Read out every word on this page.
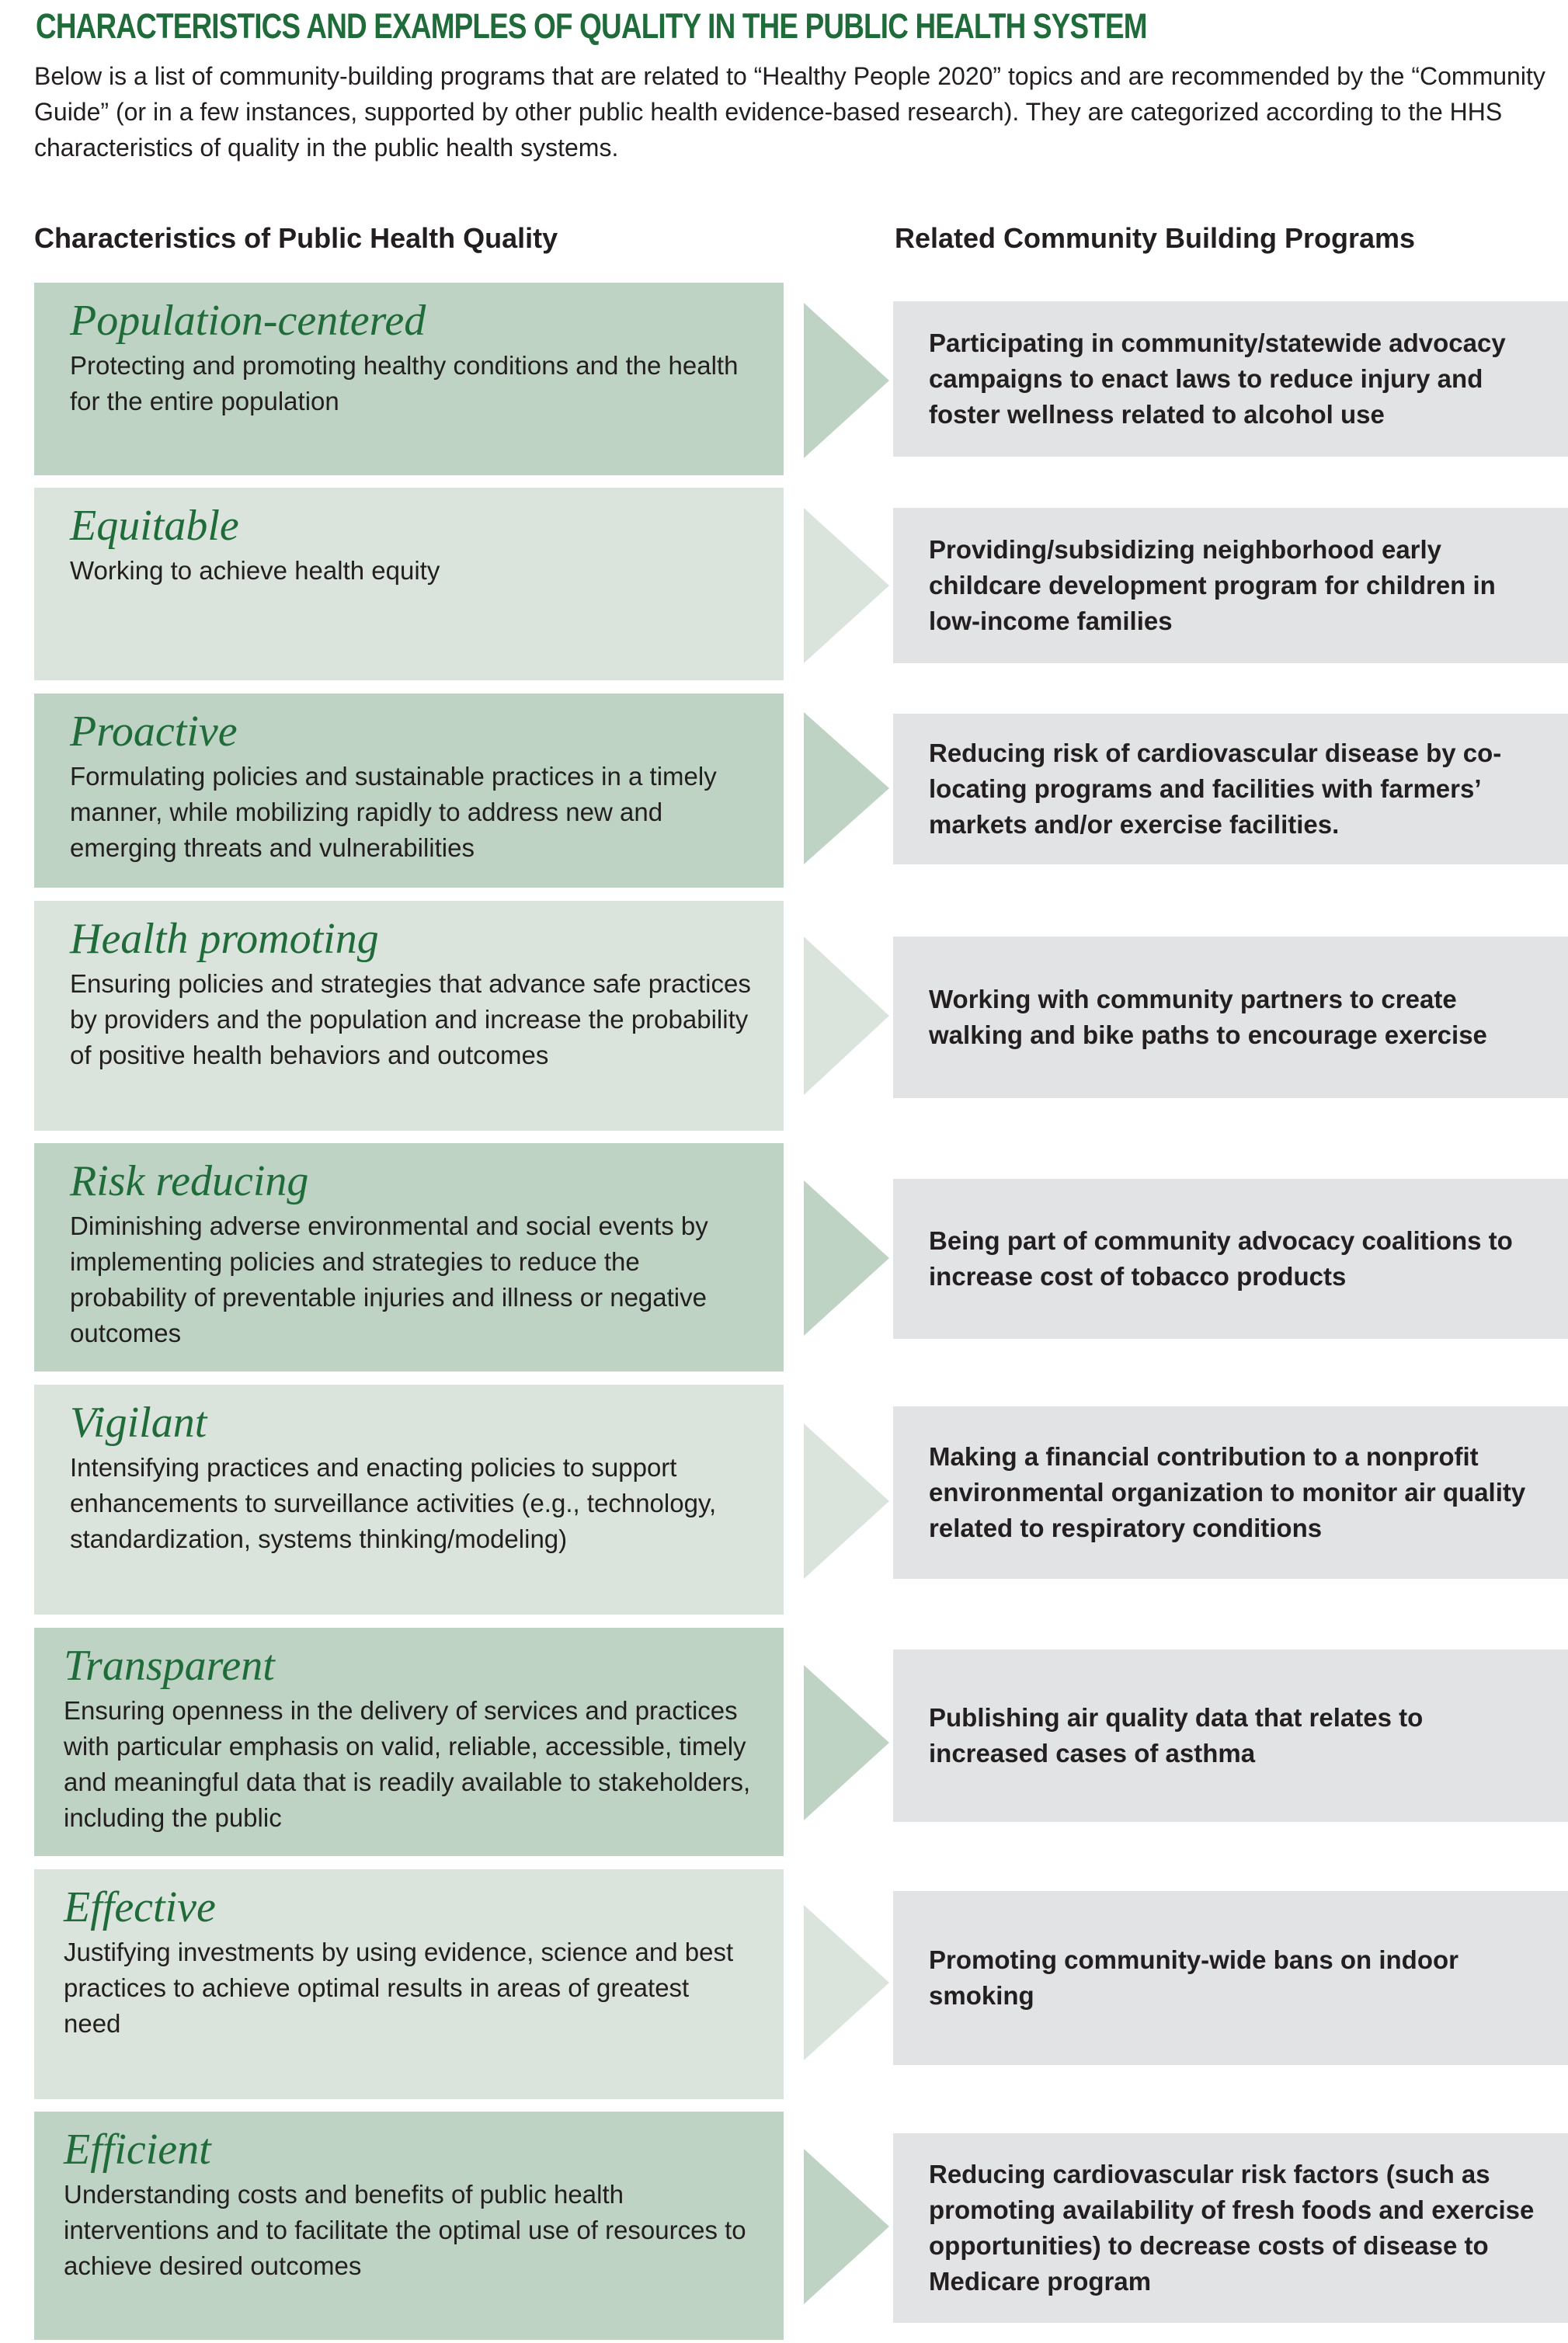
CHARACTERISTICS AND EXAMPLES OF QUALITY IN THE PUBLIC HEALTH SYSTEM
Below is a list of community-building programs that are related to “Healthy People 2020” topics and are recommended by the “Community Guide” (or in a few instances, supported by other public health evidence-based research). They are categorized according to the HHS characteristics of quality in the public health systems.
Characteristics of Public Health Quality	Related Community Building Programs
Population-centered
Protecting and promoting healthy conditions and the health for the entire population
Participating in community/statewide advocacy campaigns to enact laws to reduce injury and foster wellness related to alcohol use
Equitable
Working to achieve health equity
Providing/subsidizing neighborhood early childcare development program for children in low-income families
Proactive
Formulating policies and sustainable practices in a timely manner, while mobilizing rapidly to address new and emerging threats and vulnerabilities
Reducing risk of cardiovascular disease by co-locating programs and facilities with farmers’ markets and/or exercise facilities.
Health promoting
Ensuring policies and strategies that advance safe practices by providers and the population and increase the probability of positive health behaviors and outcomes
Working with community partners to create walking and bike paths to encourage exercise
Risk reducing
Diminishing adverse environmental and social events by implementing policies and strategies to reduce the probability of preventable injuries and illness or negative outcomes
Being part of community advocacy coalitions to increase cost of tobacco products
Vigilant
Intensifying practices and enacting policies to support enhancements to surveillance activities (e.g., technology, standardization, systems thinking/modeling)
Making a financial contribution to a nonprofit environmental organization to monitor air quality related to respiratory conditions
Transparent
Ensuring openness in the delivery of services and practices with particular emphasis on valid, reliable, accessible, timely and meaningful data that is readily available to stakeholders, including the public
Publishing air quality data that relates to increased cases of asthma
Effective
Justifying investments by using evidence, science and best practices to achieve optimal results in areas of greatest need
Promoting community-wide bans on indoor smoking
Efficient
Understanding costs and benefits of public health interventions and to facilitate the optimal use of resources to achieve desired outcomes
Reducing cardiovascular risk factors (such as promoting availability of fresh foods and exercise opportunities) to decrease costs of disease to Medicare program
